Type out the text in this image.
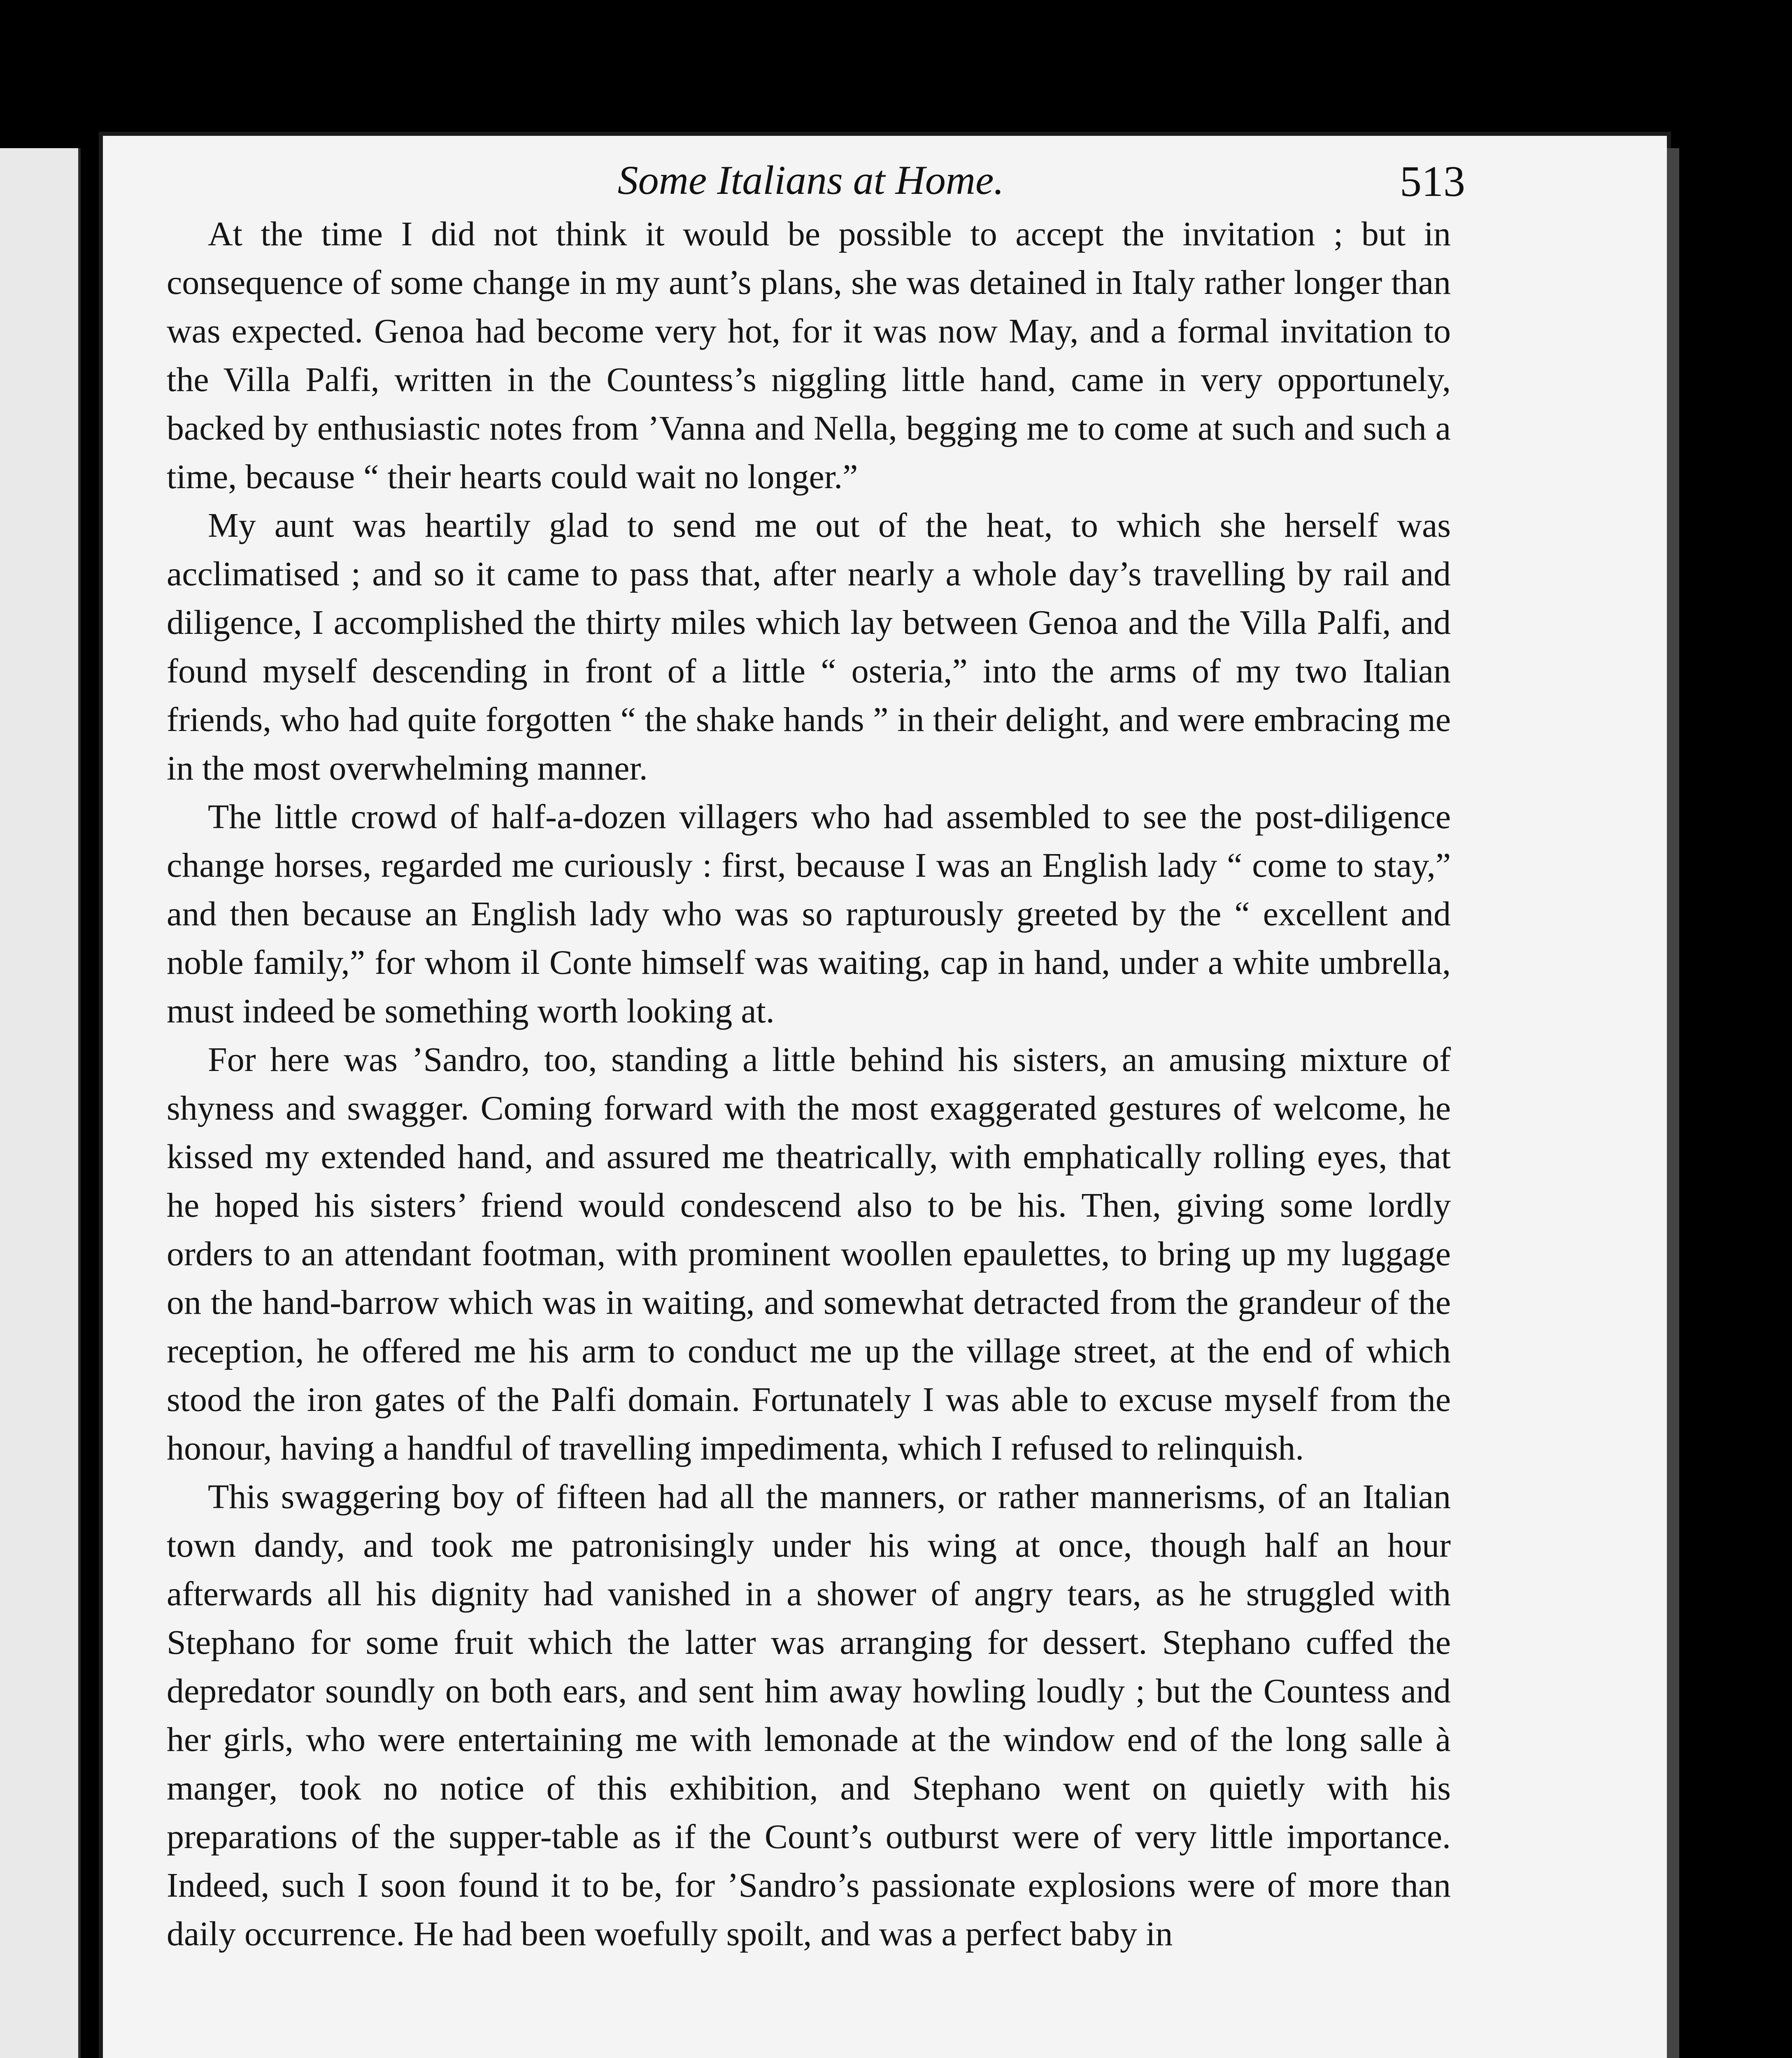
Some Italians at Home.	513

At the time I did not think it would be possible to accept the invitation ; but in consequence of some change in my aunt’s plans, she was detained in Italy rather longer than was expected. Genoa had become very hot, for it was now May, and a formal invitation to the Villa Palfi, written in the Countess’s niggling little hand, came in very opportunely, backed by enthusiastic notes from ’Vanna and Nella, begging me to come at such and such a time, because “ their hearts could wait no longer.”

My aunt was heartily glad to send me out of the heat, to which she herself was acclimatised ; and so it came to pass that, after nearly a whole day’s travelling by rail and diligence, I accomplished the thirty miles which lay between Genoa and the Villa Palfi, and found myself descending in front of a little “ osteria,” into the arms of my two Italian friends, who had quite forgotten “ the shake hands ” in their delight, and were embracing me in the most overwhelming manner.

The little crowd of half-a-dozen villagers who had assembled to see the post-diligence change horses, regarded me curiously : first, because I was an English lady “ come to stay,” and then because an English lady who was so rapturously greeted by the “ excellent and noble family,” for whom il Conte himself was waiting, cap in hand, under a white umbrella, must indeed be something worth looking at.

For here was ’Sandro, too, standing a little behind his sisters, an amusing mixture of shyness and swagger. Coming forward with the most exaggerated gestures of welcome, he kissed my extended hand, and assured me theatrically, with emphatically rolling eyes, that he hoped his sisters’ friend would condescend also to be his. Then, giving some lordly orders to an attendant footman, with prominent woollen epaulettes, to bring up my luggage on the hand-barrow which was in waiting, and somewhat detracted from the grandeur of the reception, he offered me his arm to conduct me up the village street, at the end of which stood the iron gates of the Palfi domain. Fortunately I was able to excuse myself from the honour, having a handful of travelling impedimenta, which I refused to relinquish.

This swaggering boy of fifteen had all the manners, or rather mannerisms, of an Italian town dandy, and took me patronisingly under his wing at once, though half an hour afterwards all his dignity had vanished in a shower of angry tears, as he struggled with Stephano for some fruit which the latter was arranging for dessert. Stephano cuffed the depredator soundly on both ears, and sent him away howling loudly ; but the Countess and her girls, who were entertaining me with lemonade at the window end of the long salle à manger, took no notice of this exhibition, and Stephano went on quietly with his preparations of the supper-table as if the Count’s outburst were of very little importance. Indeed, such I soon found it to be, for ’Sandro’s passionate explosions were of more than daily occurrence. He had been woefully spoilt, and was a perfect baby in
